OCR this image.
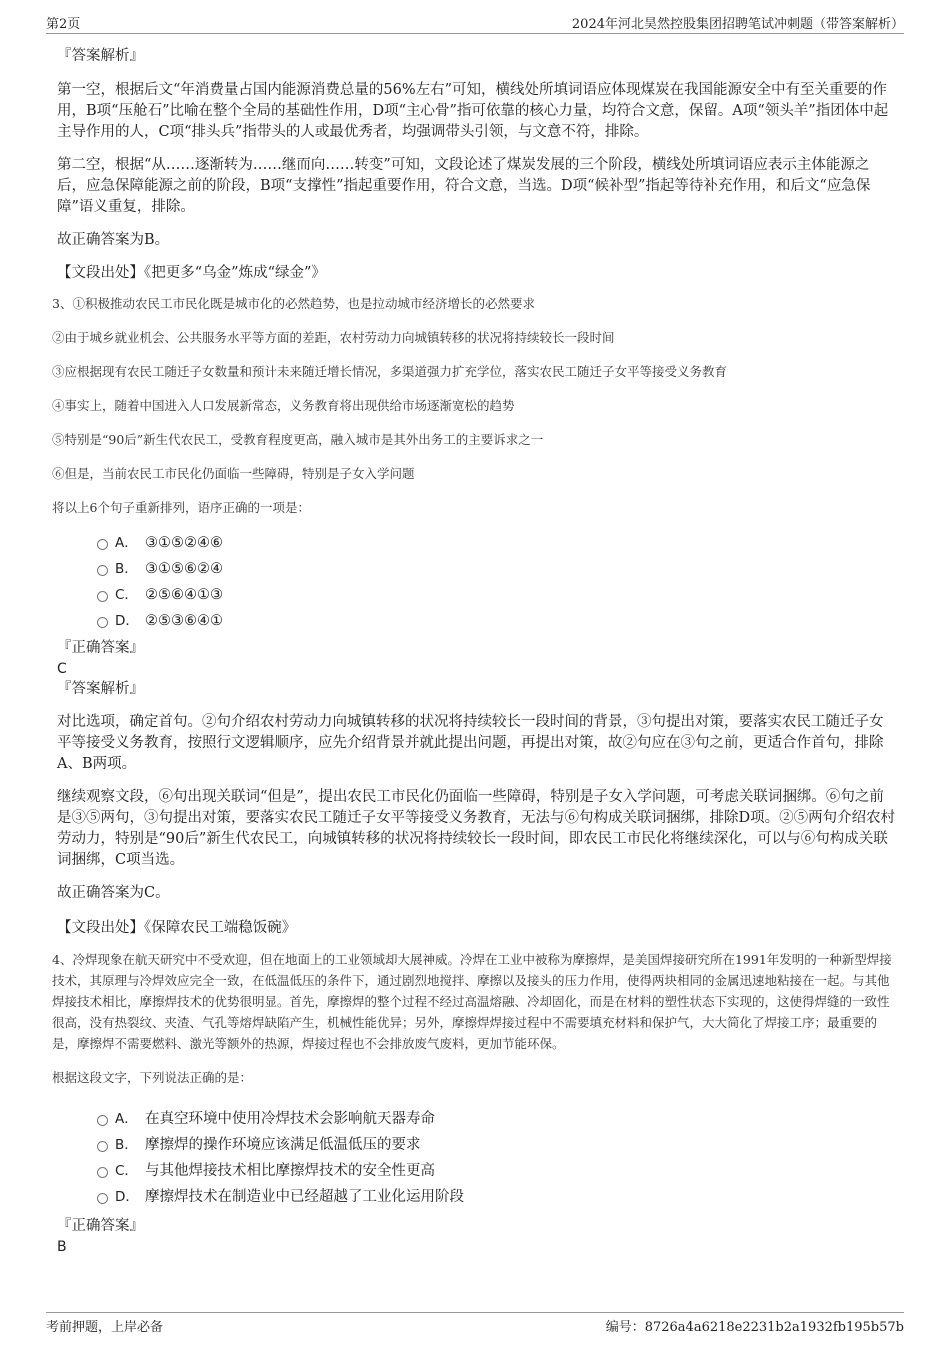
第2页	2024年河北昊然控股集团招聘笔试冲刺题（带答案解析）

『答案解析』

第一空，根据后文“年消费量占国内能源消费总量的56%左右”可知，横线处所填词语应体现煤炭在我国能源安全中有至关重要的作用，B项“压舱石”比喻在整个全局的基础性作用，D项“主心骨”指可依靠的核心力量，均符合文意，保留。A项“领头羊”指团体中起主导作用的人，C项“排头兵”指带头的人或最优秀者，均强调带头引领，与文意不符，排除。

第二空，根据“从……逐渐转为……继而向……转变”可知，文段论述了煤炭发展的三个阶段，横线处所填词语应表示主体能源之后，应急保障能源之前的阶段，B项“支撑性”指起重要作用，符合文意，当选。D项“候补型”指起等待补充作用，和后文“应急保障”语义重复，排除。

故正确答案为B。

【文段出处】《把更多“乌金”炼成“绿金”》

3、①积极推动农民工市民化既是城市化的必然趋势，也是拉动城市经济增长的必然要求

②由于城乡就业机会、公共服务水平等方面的差距，农村劳动力向城镇转移的状况将持续较长一段时间

③应根据现有农民工随迁子女数量和预计未来随迁增长情况，多渠道强力扩充学位，落实农民工随迁子女平等接受义务教育

④事实上，随着中国进入人口发展新常态，义务教育将出现供给市场逐渐宽松的趋势

⑤特别是“90后”新生代农民工，受教育程度更高，融入城市是其外出务工的主要诉求之一

⑥但是，当前农民工市民化仍面临一些障碍，特别是子女入学问题

将以上6个句子重新排列，语序正确的一项是：

A． ③①⑤②④⑥
B． ③①⑤⑥②④
C． ②⑤⑥④①③
D． ②⑤③⑥④①

『正确答案』

C

『答案解析』

对比选项，确定首句。②句介绍农村劳动力向城镇转移的状况将持续较长一段时间的背景，③句提出对策，要落实农民工随迁子女平等接受义务教育，按照行文逻辑顺序，应先介绍背景并就此提出问题，再提出对策，故②句应在③句之前，更适合作首句，排除A、B两项。

继续观察文段，⑥句出现关联词“但是”，提出农民工市民化仍面临一些障碍，特别是子女入学问题，可考虑关联词捆绑。⑥句之前是③⑤两句，③句提出对策，要落实农民工随迁子女平等接受义务教育，无法与⑥句构成关联词捆绑，排除D项。②⑤两句介绍农村劳动力，特别是“90后”新生代农民工，向城镇转移的状况将持续较长一段时间，即农民工市民化将继续深化，可以与⑥句构成关联词捆绑，C项当选。

故正确答案为C。

【文段出处】《保障农民工端稳饭碗》

4、冷焊现象在航天研究中不受欢迎，但在地面上的工业领域却大展神威。冷焊在工业中被称为摩擦焊，是美国焊接研究所在1991年发明的一种新型焊接技术，其原理与冷焊效应完全一致，在低温低压的条件下，通过剧烈地搅拌、摩擦以及接头的压力作用，使得两块相同的金属迅速地粘接在一起。与其他焊接技术相比，摩擦焊技术的优势很明显。首先，摩擦焊的整个过程不经过高温熔融、冷却固化，而是在材料的塑性状态下实现的，这使得焊缝的一致性很高，没有热裂纹、夹渣、气孔等熔焊缺陷产生，机械性能优异；另外，摩擦焊焊接过程中不需要填充材料和保护气，大大简化了焊接工序；最重要的是，摩擦焊不需要燃料、激光等额外的热源，焊接过程也不会排放废气废料，更加节能环保。

根据这段文字，下列说法正确的是：

A． 在真空环境中使用冷焊技术会影响航天器寿命
B． 摩擦焊的操作环境应该满足低温低压的要求
C． 与其他焊接技术相比摩擦焊技术的安全性更高
D． 摩擦焊技术在制造业中已经超越了工业化运用阶段

『正确答案』

B

考前押题，上岸必备	编号：8726a4a6218e2231b2a1932fb195b57b
